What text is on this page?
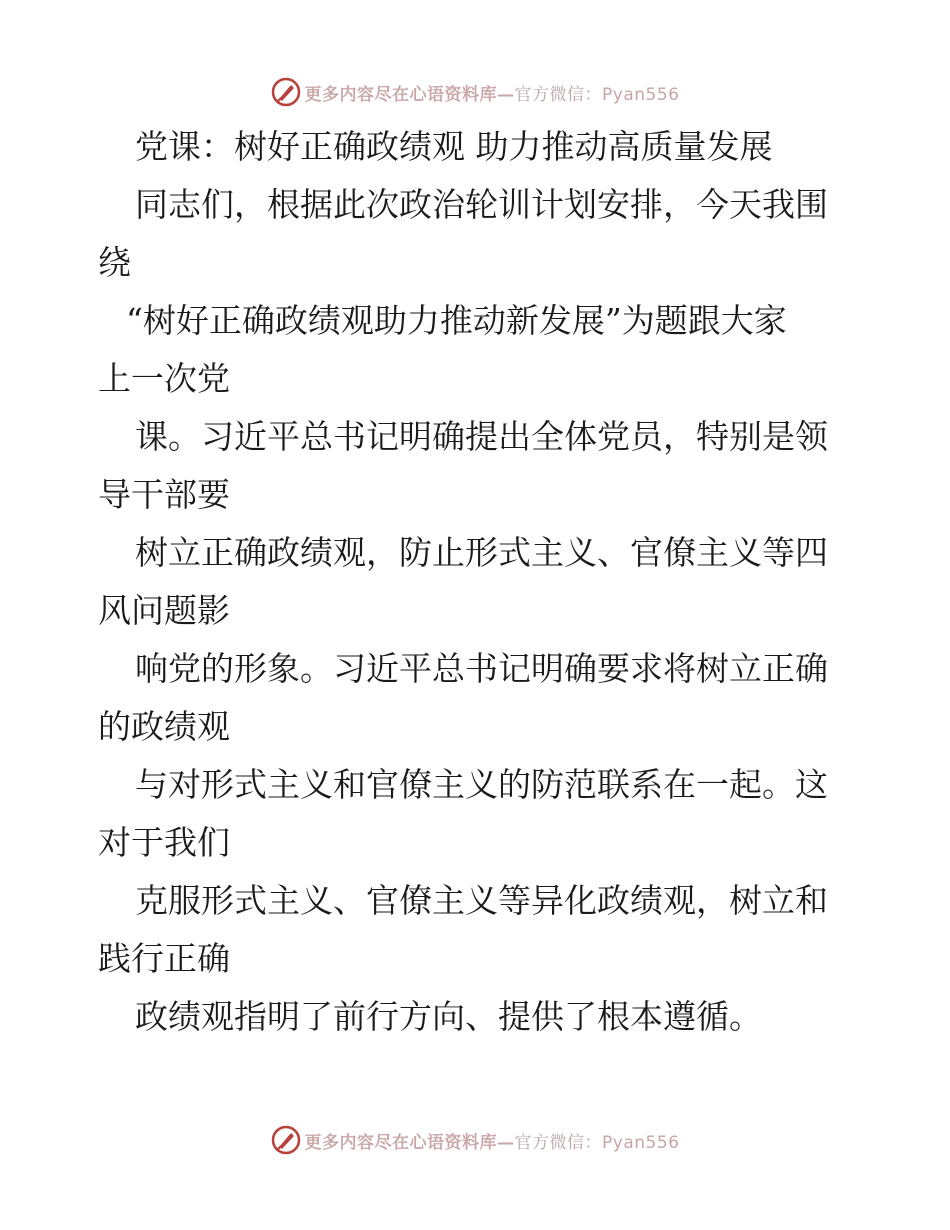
更多内容尽在心语资料库—官方微信：Pyan556
党课：树好正确政绩观 助力推动高质量发展
同志们，根据此次政治轮训计划安排，今天我围
绕
“树好正确政绩观助力推动新发展”为题跟大家
上一次党
课。习近平总书记明确提出全体党员，特别是领
导干部要
树立正确政绩观，防止形式主义、官僚主义等四
风问题影
响党的形象。习近平总书记明确要求将树立正确
的政绩观
与对形式主义和官僚主义的防范联系在一起。这
对于我们
克服形式主义、官僚主义等异化政绩观，树立和
践行正确
政绩观指明了前行方向、提供了根本遵循。
更多内容尽在心语资料库—官方微信：Pyan556
